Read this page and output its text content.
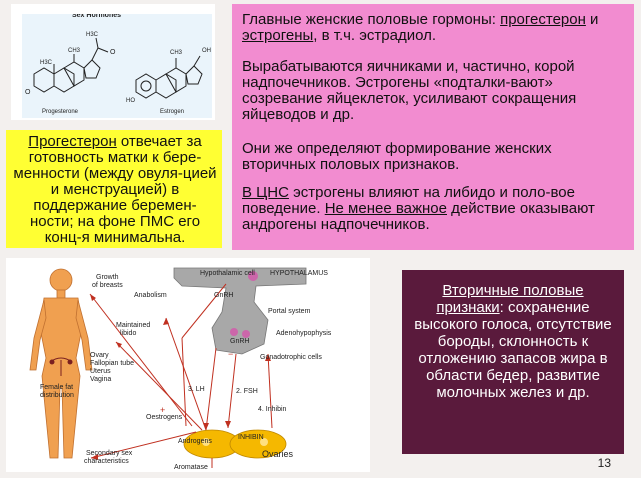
Sex Hormones
H3C
CH3
H3C
O
O
CH3	OH
HO
Progesterone	Estrogen
Главные женские половые гормоны: прогестерон и эстрогены, в т.ч. эстрадиол.
Вырабатываются яичниками и, частично, корой надпочечников. Эстрогены «подталки-вают» созревание яйцеклеток, усиливают сокращения яйцеводов и др.
Они же определяют формирование женских вторичных половых признаков.
В ЦНС эстрогены влияют на либидо и поло-вое поведение. Не менее важное действие оказывают андрогены надпочечников.
Прогестерон отвечает за готовность матки к бере-менности (между овуля-цией и менструацией) в поддержание беремен-ности; на фоне ПМС его конц-я минимальна.
Growth
of breasts
Anabolism
Maintained
libido
Ovary
Fallopian tube
Uterus
Vagina
Female fat
distribution
Secondary sex
characteristics
Hypothalamic cell HYPOTHALAMUS
GnRH
Portal system
Adenohypophysis
GnRH
Gonadotrophic cells
3. LH	2. FSH
4. Inhibin
Oestrogens
Androgens
INHIBIN
Ovaries
Aromatase
+
−
Вторичные половые признаки: сохранение высокого голоса, отсутствие бороды, склонность к отложению запасов жира в области бедер, развитие молочных желез и др.
13
